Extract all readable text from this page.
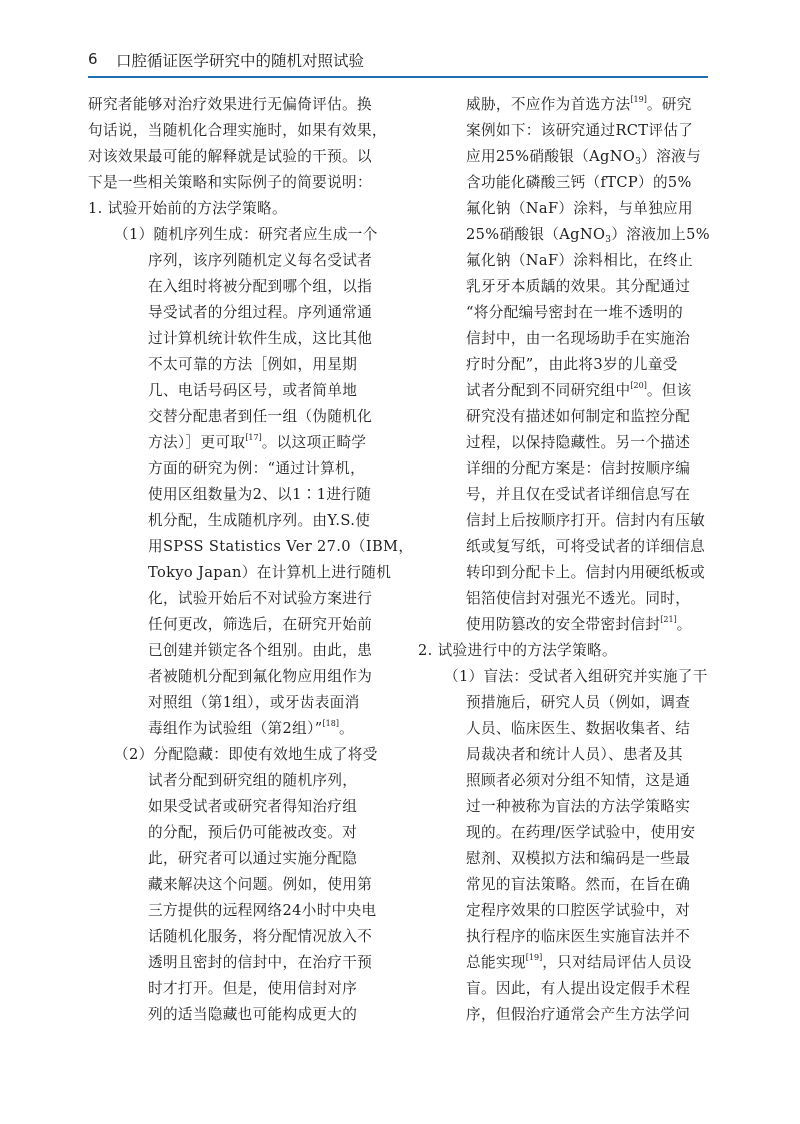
6 口腔循证医学研究中的随机对照试验
研究者能够对治疗效果进行无偏倚评估。换
句话说，当随机化合理实施时，如果有效果，
对该效果最可能的解释就是试验的干预。以
下是一些相关策略和实际例子的简要说明：
1. 试验开始前的方法学策略。
（1）随机序列生成：研究者应生成一个
序列，该序列随机定义每名受试者
在入组时将被分配到哪个组，以指
导受试者的分组过程。序列通常通
过计算机统计软件生成，这比其他
不太可靠的方法［例如，用星期
几、电话号码区号，或者简单地
交替分配患者到任一组（伪随机化
方法）］更可取[17]。以这项正畸学
方面的研究为例：“通过计算机，
使用区组数量为2、以1∶1进行随
机分配，生成随机序列。由Y.S.使
用SPSS Statistics Ver 27.0（IBM，
Tokyo Japan）在计算机上进行随机
化，试验开始后不对试验方案进行
任何更改，筛选后，在研究开始前
已创建并锁定各个组别。由此，患
者被随机分配到氟化物应用组作为
对照组（第1组），或牙齿表面消
毒组作为试验组（第2组）”[18]。
（2）分配隐藏：即使有效地生成了将受
试者分配到研究组的随机序列，
如果受试者或研究者得知治疗组
的分配，预后仍可能被改变。对
此，研究者可以通过实施分配隐
藏来解决这个问题。例如，使用第
三方提供的远程网络24小时中央电
话随机化服务，将分配情况放入不
透明且密封的信封中，在治疗干预
时才打开。但是，使用信封对序
列的适当隐藏也可能构成更大的
威胁，不应作为首选方法[19]。研究
案例如下：该研究通过RCT评估了
应用25%硝酸银（AgNO$_3$）溶液与
含功能化磷酸三钙（fTCP）的5%
氟化钠（NaF）涂料，与单独应用
25%硝酸银（AgNO$_3$）溶液加上5%
氟化钠（NaF）涂料相比，在终止
乳牙牙本质龋的效果。其分配通过
“将分配编号密封在一堆不透明的
信封中，由一名现场助手在实施治
疗时分配”，由此将3岁的儿童受
试者分配到不同研究组中[20]。但该
研究没有描述如何制定和监控分配
过程，以保持隐藏性。另一个描述
详细的分配方案是：信封按顺序编
号，并且仅在受试者详细信息写在
信封上后按顺序打开。信封内有压敏
纸或复写纸，可将受试者的详细信息
转印到分配卡上。信封内用硬纸板或
铝箔使信封对强光不透光。同时，
使用防篡改的安全带密封信封[21]。
2. 试验进行中的方法学策略。
（1）盲法：受试者入组研究并实施了干
预措施后，研究人员（例如，调查
人员、临床医生、数据收集者、结
局裁决者和统计人员）、患者及其
照顾者必须对分组不知情，这是通
过一种被称为盲法的方法学策略实
现的。在药理/医学试验中，使用安
慰剂、双模拟方法和编码是一些最
常见的盲法策略。然而，在旨在确
定程序效果的口腔医学试验中，对
执行程序的临床医生实施盲法并不
总能实现[19]，只对结局评估人员设
盲。因此，有人提出设定假手术程
序，但假治疗通常会产生方法学问
